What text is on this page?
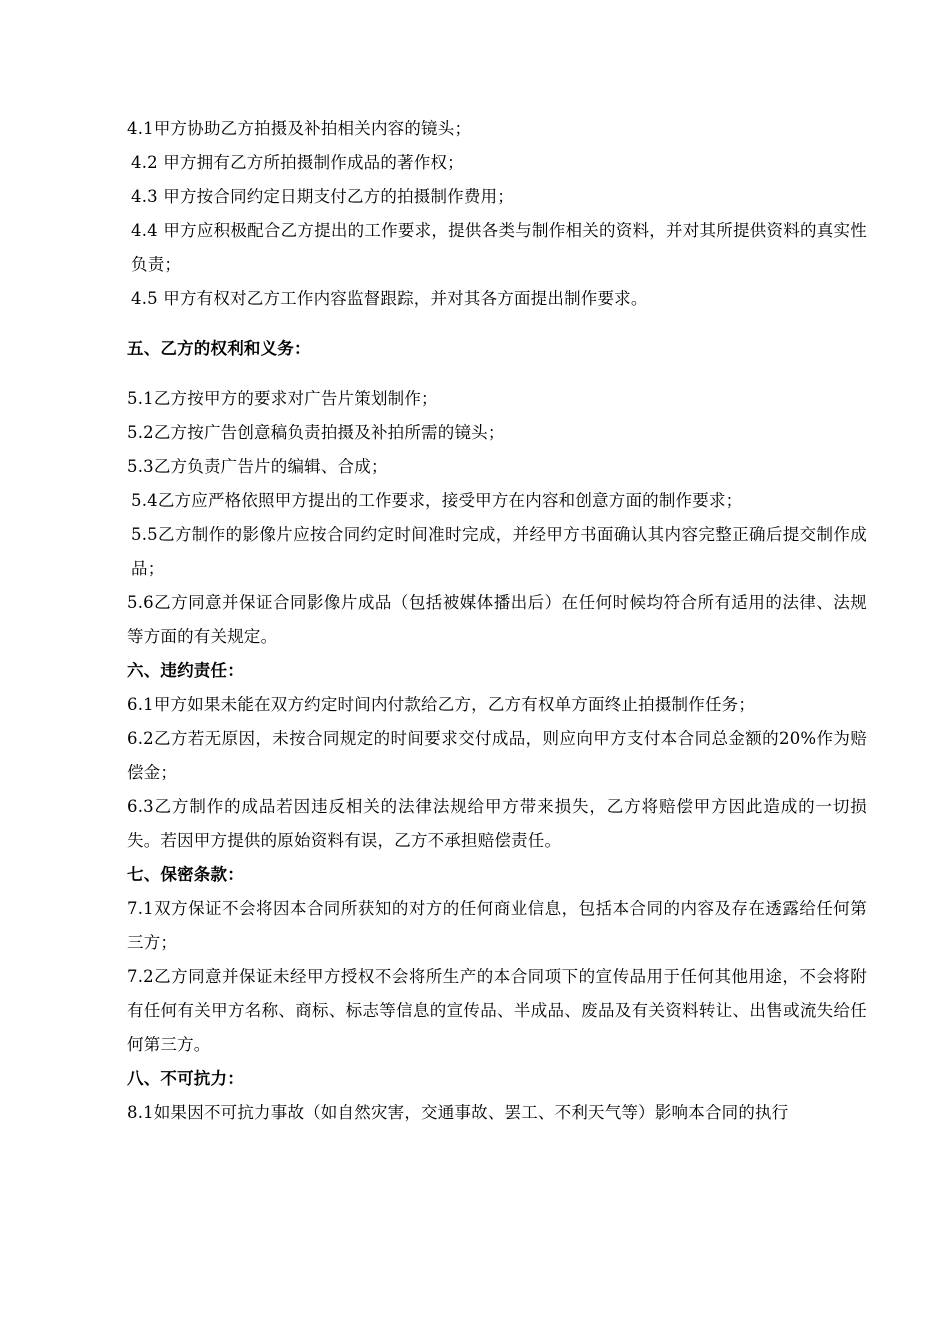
4.1甲方协助乙方拍摄及补拍相关内容的镜头；

4.2 甲方拥有乙方所拍摄制作成品的著作权；

4.3 甲方按合同约定日期支付乙方的拍摄制作费用；

4.4 甲方应积极配合乙方提出的工作要求，提供各类与制作相关的资料，并对其所提供资料的真实性负责；

4.5 甲方有权对乙方工作内容监督跟踪，并对其各方面提出制作要求。

五、乙方的权利和义务：

5.1乙方按甲方的要求对广告片策划制作；

5.2乙方按广告创意稿负责拍摄及补拍所需的镜头；

5.3乙方负责广告片的编辑、合成；

5.4乙方应严格依照甲方提出的工作要求，接受甲方在内容和创意方面的制作要求；

5.5乙方制作的影像片应按合同约定时间准时完成，并经甲方书面确认其内容完整正确后提交制作成品；

5.6乙方同意并保证合同影像片成品（包括被媒体播出后）在任何时候均符合所有适用的法律、法规等方面的有关规定。

六、违约责任：

6.1甲方如果未能在双方约定时间内付款给乙方，乙方有权单方面终止拍摄制作任务；

6.2乙方若无原因，未按合同规定的时间要求交付成品，则应向甲方支付本合同总金额的20%作为赔偿金；

6.3乙方制作的成品若因违反相关的法律法规给甲方带来损失，乙方将赔偿甲方因此造成的一切损失。若因甲方提供的原始资料有误，乙方不承担赔偿责任。

七、保密条款：

7.1双方保证不会将因本合同所获知的对方的任何商业信息，包括本合同的内容及存在透露给任何第三方；

7.2乙方同意并保证未经甲方授权不会将所生产的本合同项下的宣传品用于任何其他用途，不会将附有任何有关甲方名称、商标、标志等信息的宣传品、半成品、废品及有关资料转让、出售或流失给任何第三方。

八、不可抗力：

8.1如果因不可抗力事故（如自然灾害，交通事故、罢工、不利天气等）影响本合同的执行
